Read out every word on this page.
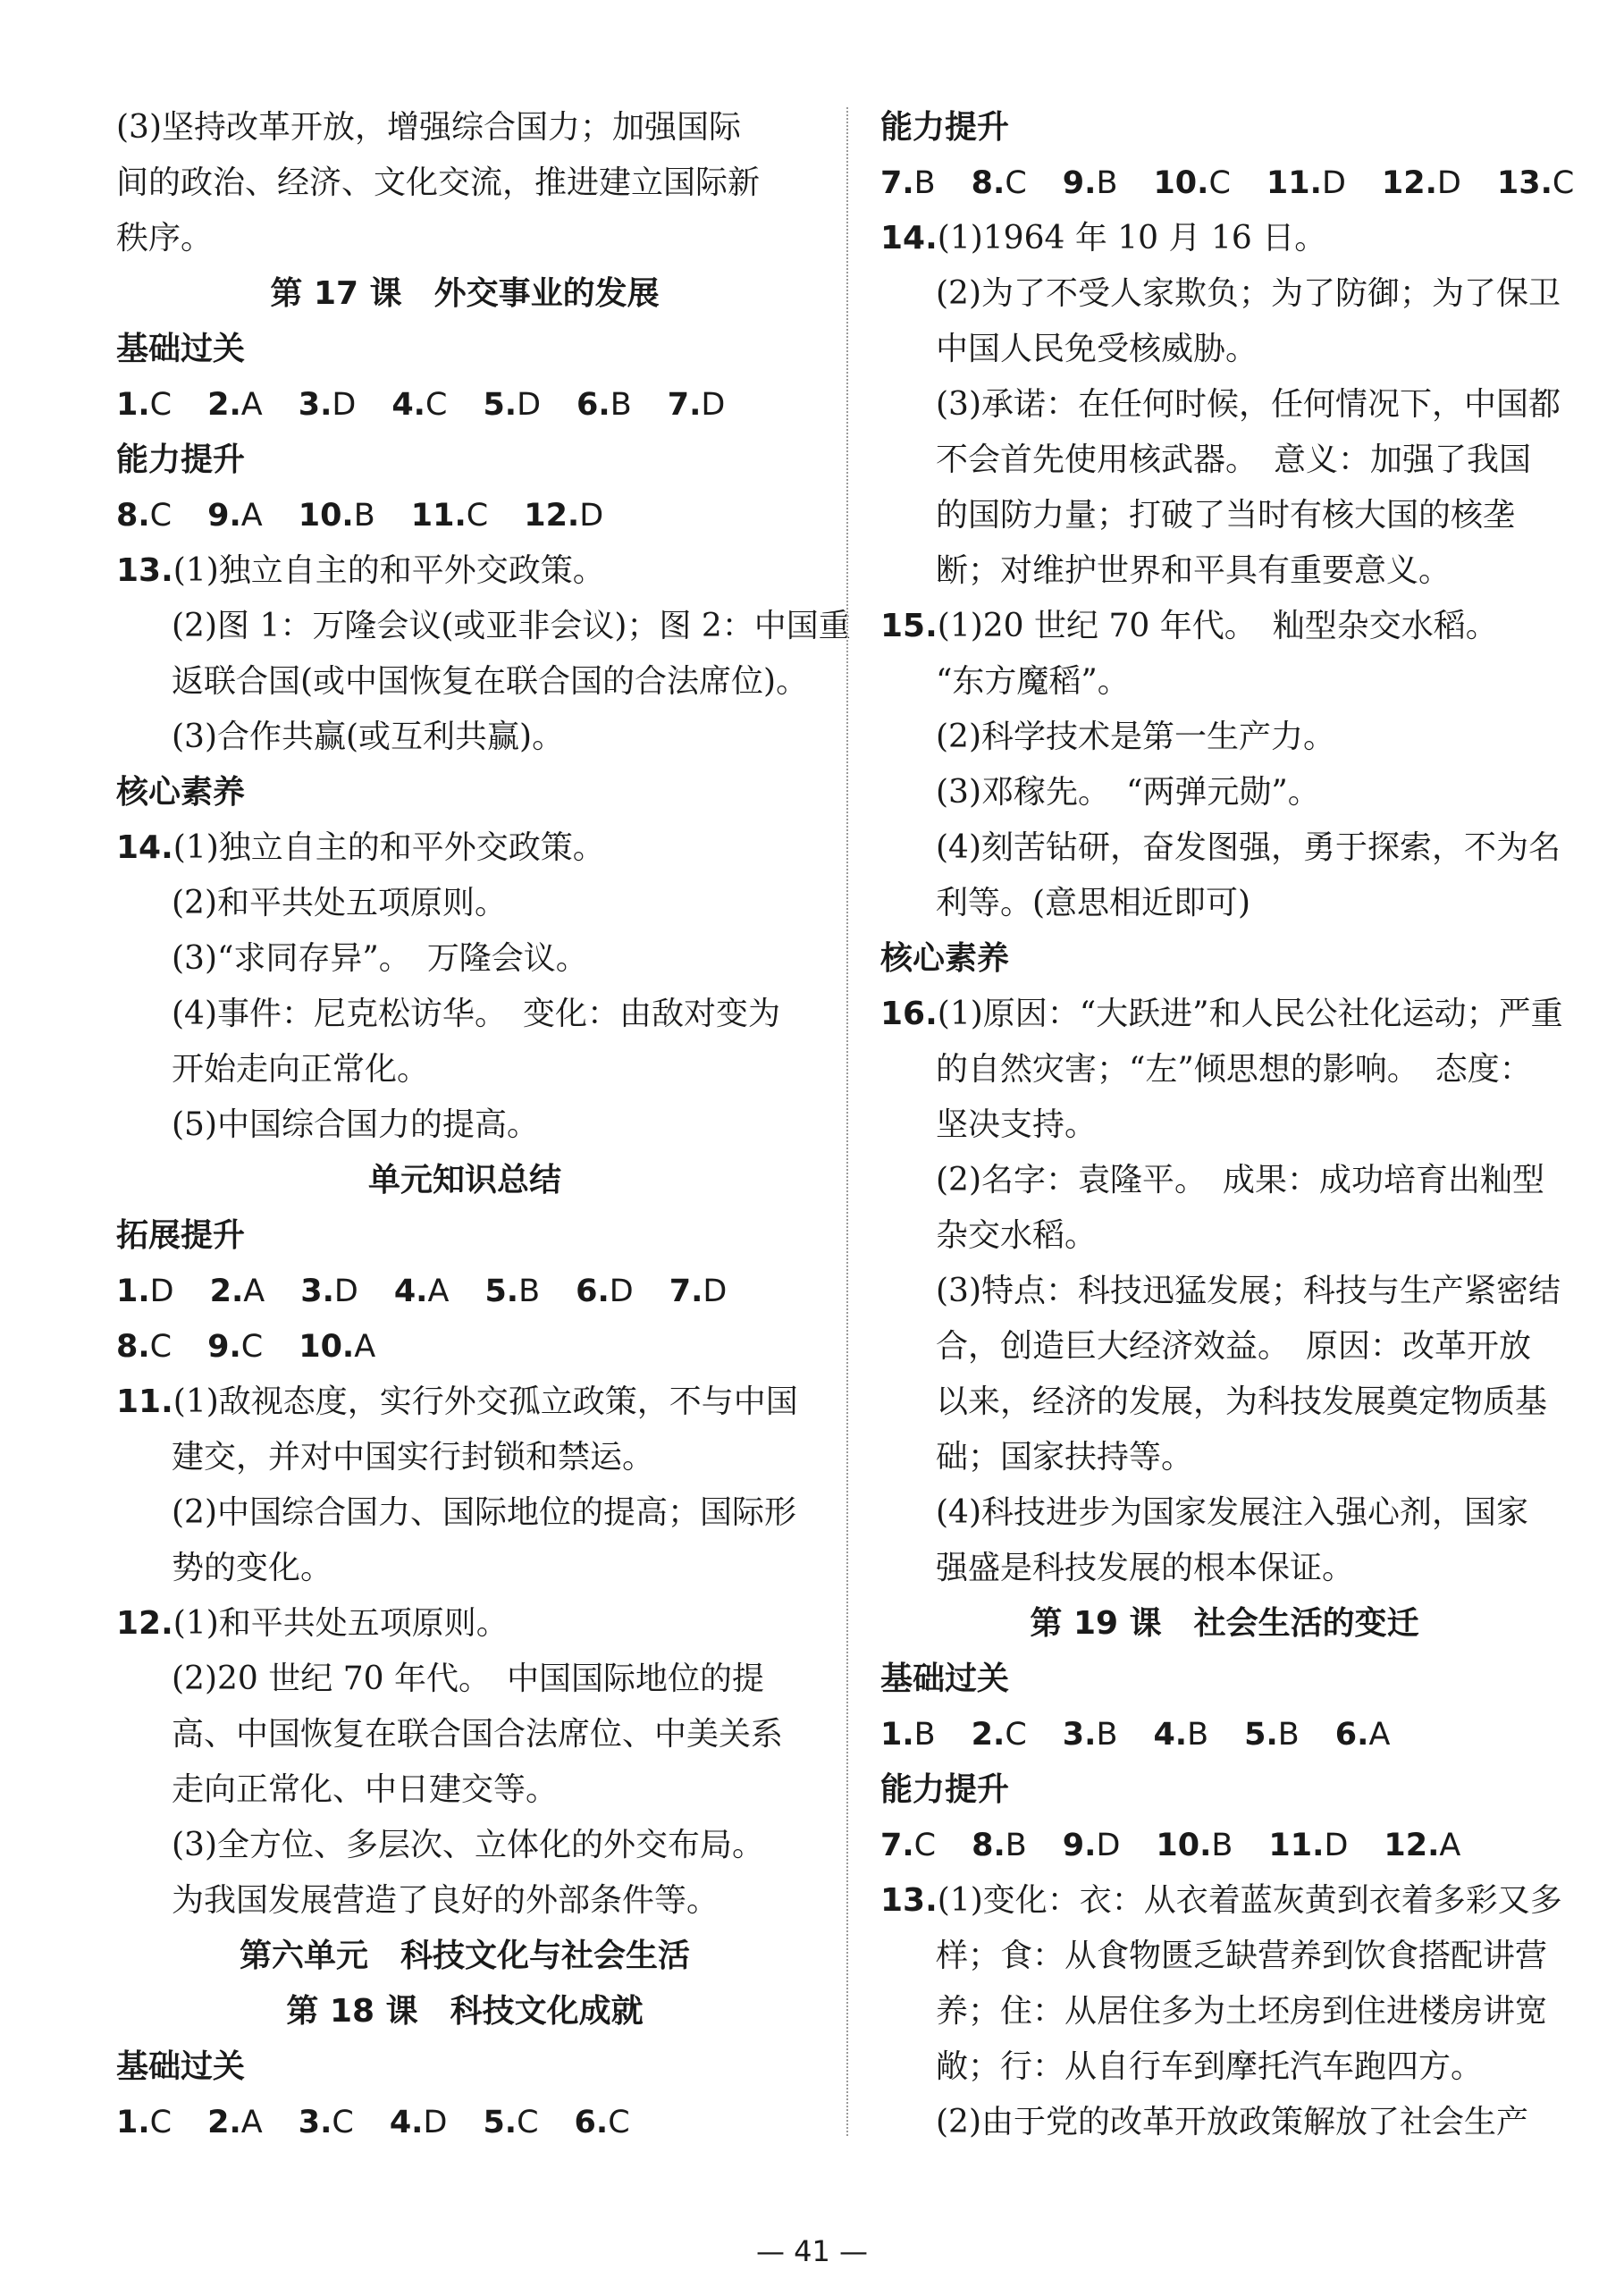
(3)坚持改革开放，增强综合国力；加强国际
间的政治、经济、文化交流，推进建立国际新
秩序。
第 17 课　外交事业的发展
基础过关
1.C 2.A 3.D 4.C 5.D 6.B 7.D
能力提升
8.C 9.A 10.B 11.C 12.D
13.(1)独立自主的和平外交政策。
(2)图 1：万隆会议(或亚非会议)；图 2：中国重
返联合国(或中国恢复在联合国的合法席位)。
(3)合作共赢(或互利共赢)。
核心素养
14.(1)独立自主的和平外交政策。
(2)和平共处五项原则。
(3)“求同存异”。　万隆会议。
(4)事件：尼克松访华。　变化：由敌对变为
开始走向正常化。
(5)中国综合国力的提高。
单元知识总结
拓展提升
1.D 2.A 3.D 4.A 5.B 6.D 7.D
8.C 9.C 10.A
11.(1)敌视态度，实行外交孤立政策，不与中国
建交，并对中国实行封锁和禁运。
(2)中国综合国力、国际地位的提高；国际形
势的变化。
12.(1)和平共处五项原则。
(2)20 世纪 70 年代。　中国国际地位的提
高、中国恢复在联合国合法席位、中美关系
走向正常化、中日建交等。
(3)全方位、多层次、立体化的外交布局。
为我国发展营造了良好的外部条件等。
第六单元　科技文化与社会生活
第 18 课　科技文化成就
基础过关
1.C 2.A 3.C 4.D 5.C 6.C
能力提升
7.B 8.C 9.B 10.C 11.D 12.D 13.C
14.(1)1964 年 10 月 16 日。
(2)为了不受人家欺负；为了防御；为了保卫
中国人民免受核威胁。
(3)承诺：在任何时候，任何情况下，中国都
不会首先使用核武器。　意义：加强了我国
的国防力量；打破了当时有核大国的核垄
断；对维护世界和平具有重要意义。
15.(1)20 世纪 70 年代。　籼型杂交水稻。
“东方魔稻”。
(2)科学技术是第一生产力。
(3)邓稼先。　“两弹元勋”。
(4)刻苦钻研，奋发图强，勇于探索，不为名
利等。(意思相近即可)
核心素养
16.(1)原因：“大跃进”和人民公社化运动；严重
的自然灾害；“左”倾思想的影响。　态度：
坚决支持。
(2)名字：袁隆平。　成果：成功培育出籼型
杂交水稻。
(3)特点：科技迅猛发展；科技与生产紧密结
合，创造巨大经济效益。　原因：改革开放
以来，经济的发展，为科技发展奠定物质基
础；国家扶持等。
(4)科技进步为国家发展注入强心剂，国家
强盛是科技发展的根本保证。
第 19 课　社会生活的变迁
基础过关
1.B 2.C 3.B 4.B 5.B 6.A
能力提升
7.C 8.B 9.D 10.B 11.D 12.A
13.(1)变化：衣：从衣着蓝灰黄到衣着多彩又多
样；食：从食物匮乏缺营养到饮食搭配讲营
养；住：从居住多为土坯房到住进楼房讲宽
敞；行：从自行车到摩托汽车跑四方。
(2)由于党的改革开放政策解放了社会生产
— 41 —
